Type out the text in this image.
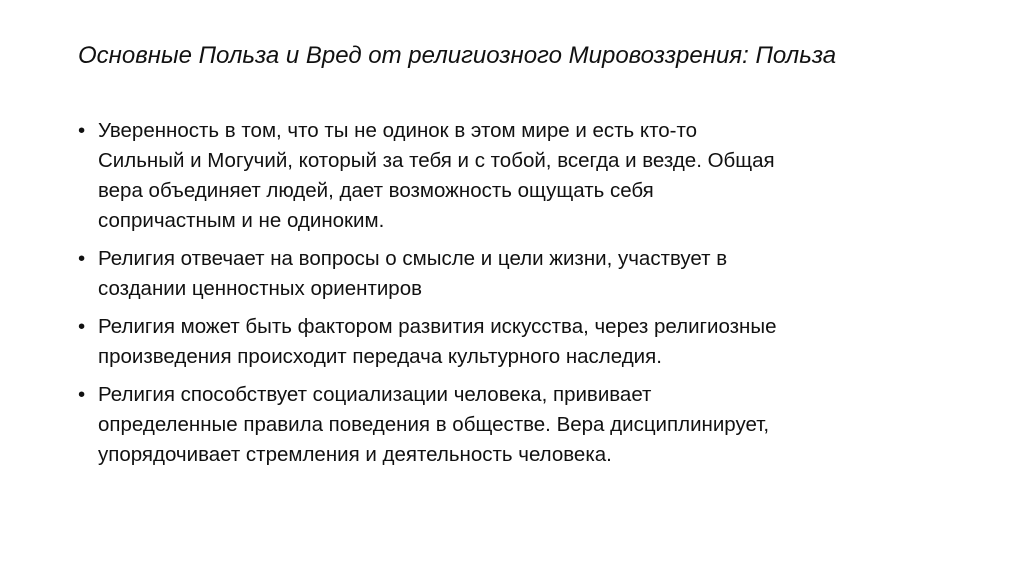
Основные Польза и Вред от религиозного Мировоззрения: Польза
• Уверенность в том, что ты не одинок в этом мире и есть кто-то
Сильный и Могучий, который за тебя и с тобой, всегда и везде. Общая
вера объединяет людей, дает возможность ощущать себя
сопричастным и не одиноким.
• Религия отвечает на вопросы о смысле и цели жизни, участвует в
создании ценностных ориентиров
• Религия может быть фактором развития искусства, через религиозные
произведения происходит передача культурного наследия.
• Религия способствует социализации человека, прививает
определенные правила поведения в обществе. Вера дисциплинирует,
упорядочивает стремления и деятельность человека.
